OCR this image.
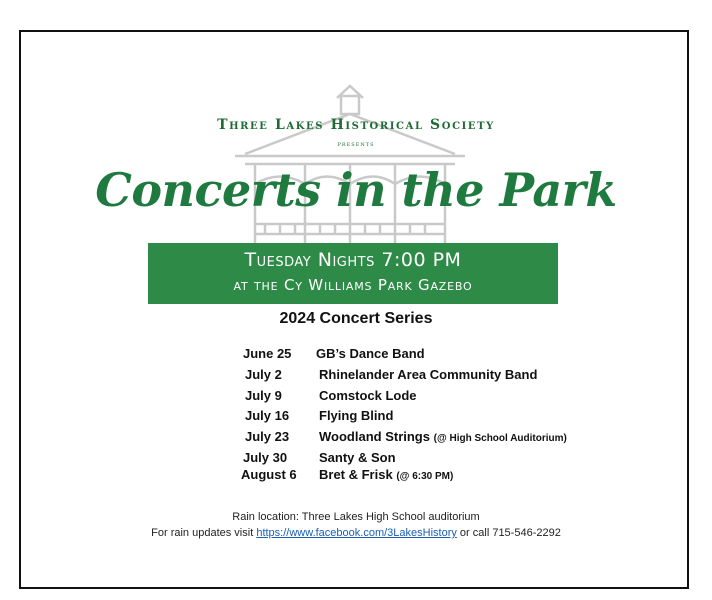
Three Lakes Historical Society
presents
Concerts in the Park
Tuesday Nights 7:00 PM
at the Cy Williams Park Gazebo
2024 Concert Series
June 25 GB’s Dance Band
July 2	Rhinelander Area Community Band
July 9	Comstock Lode
July 16 Flying Blind
July 23 Woodland Strings (@ High School Auditorium)
July 30 Santy & Son
August 6 Bret & Frisk (@ 6:30 PM)
Rain location: Three Lakes High School auditorium
For rain updates visit https://www.facebook.com/3LakesHistory or call 715-546-2292
